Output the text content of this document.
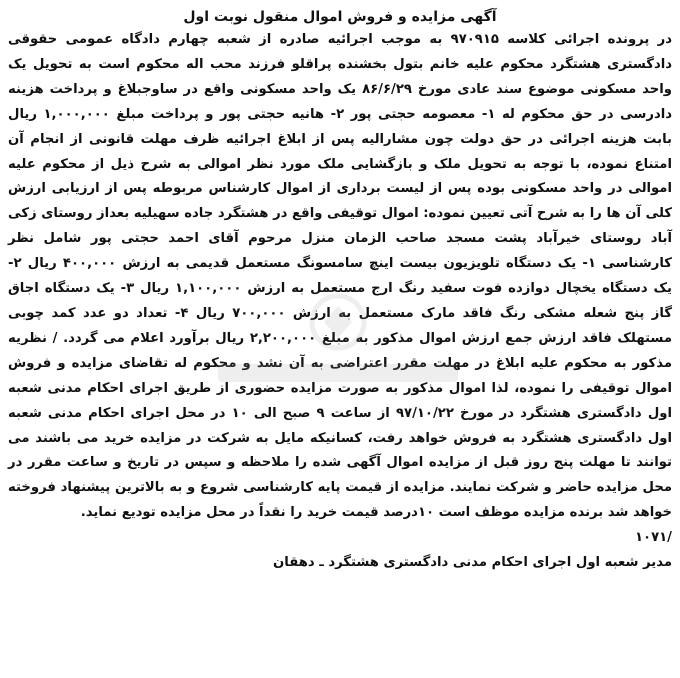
آگهی مزایده و فروش اموال منقول نوبت اول

در پرونده اجرائی کلاسه ۹۷۰۹۱۵ به موجب اجرائیه صادره از شعبه چهارم دادگاه عمومی حقوقی دادگستری هشتگرد محکوم علیه خانم بتول بخشنده پراقلو فرزند محب اله محکوم است به تحویل یک واحد مسکونی موضوع سند عادی مورخ ۸۶/۶/۲۹ یک واحد مسکونی واقع در ساوجبلاغ و پرداخت هزینه دادرسی در حق محکوم له ۱- معصومه حجتی پور ۲- هانیه حجتی پور و پرداخت مبلغ ۱,۰۰۰,۰۰۰ ریال بابت هزینه اجرائی در حق دولت چون مشارالیه پس از ابلاغ اجرائیه ظرف مهلت قانونی از انجام آن امتناع نموده، با توجه به تحویل ملک و بازگشایی ملک مورد نظر اموالی به شرح ذیل از محکوم علیه اموالی در واحد مسکونی بوده پس از لیست برداری از اموال کارشناس مربوطه پس از ارزیابی ارزش کلی آن ها را به شرح آتی تعیین نموده: اموال توقیفی واقع در هشتگرد جاده سهیلیه بعداز روستای زکی آباد روستای خیرآباد پشت مسجد صاحب الزمان منزل مرحوم آقای احمد حجتی پور شامل نظر کارشناسی ۱- یک دستگاه تلویزیون بیست اینچ سامسونگ مستعمل قدیمی به ارزش ۴۰۰,۰۰۰ ریال ۲- یک دستگاه یخچال دوازده فوت سفید رنگ ارج مستعمل به ارزش ۱,۱۰۰,۰۰۰ ریال ۳- یک دستگاه اجاق گاز پنج شعله مشکی رنگ فاقد مارک مستعمل به ارزش ۷۰۰,۰۰۰ ریال ۴- تعداد دو عدد کمد چوبی مستهلک فاقد ارزش جمع ارزش اموال مذکور به مبلغ ۲,۲۰۰,۰۰۰ ریال برآورد اعلام می گردد. / نظریه مذکور به محکوم علیه ابلاغ در مهلت مقرر اعتراضی به آن نشد و محکوم له تقاضای مزایده و فروش اموال توقیفی را نموده، لذا اموال مذکور به صورت مزایده حضوری از طریق اجرای احکام مدنی شعبه اول دادگستری هشتگرد در مورخ ۹۷/۱۰/۲۲ از ساعت ۹ صبح الی ۱۰ در محل اجرای احکام مدنی شعبه اول دادگستری هشتگرد به فروش خواهد رفت، کسانیکه مایل به شرکت در مزایده خرید می باشند می توانند تا مهلت پنج روز قبل از مزایده اموال آگهی شده را ملاحظه و سپس در تاریخ و ساعت مقرر در محل مزایده حاضر و شرکت نمایند. مزایده از قیمت پایه کارشناسی شروع و به بالاترین پیشنهاد فروخته خواهد شد برنده مزایده موظف است ۱۰درصد قیمت خرید را نقداً در محل مزایده تودیع نماید.

/۱۰۷۱

مدیر شعبه اول اجرای احکام مدنی دادگستری هشتگرد ـ دهقان
